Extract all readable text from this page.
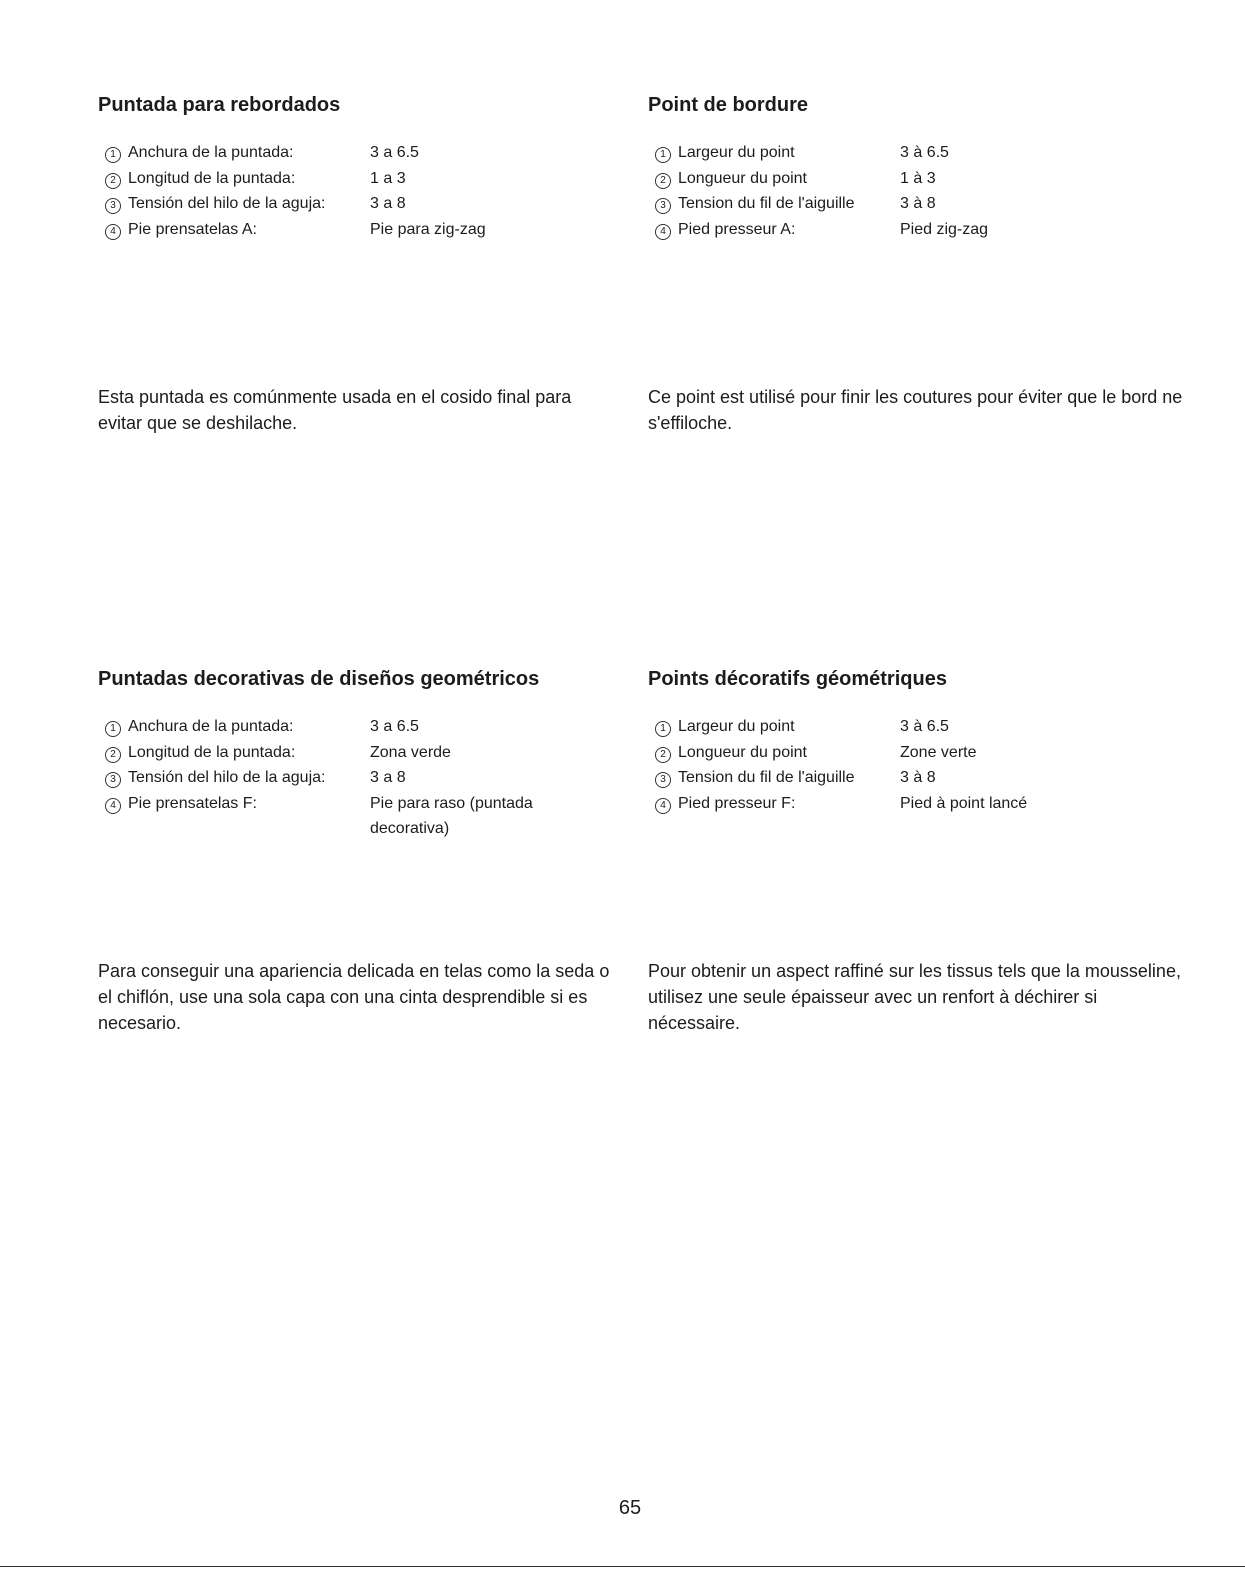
Puntada para rebordados
1 Anchura de la puntada:	3 a 6.5
2 Longitud de la puntada:	1 a 3
3 Tensión del hilo de la aguja:	3 a 8
4 Pie prensatelas A:	Pie para zig-zag
Point de bordure
1 Largeur du point	3 à 6.5
2 Longueur du point	1 à 3
3 Tension du fil de l'aiguille	3 à 8
4 Pied presseur A:	Pied zig-zag

Esta puntada es comúnmente usada en el cosido final para evitar que se deshilache.

Ce point est utilisé pour finir les coutures pour éviter que le bord ne s'effiloche.

Puntadas decorativas de diseños geométricos
1 Anchura de la puntada:	3 a 6.5
2 Longitud de la puntada:	Zona verde
3 Tensión del hilo de la aguja:	3 a 8
4 Pie prensatelas F:	Pie para raso (puntada decorativa)
Points décoratifs géométriques
1 Largeur du point	3 à 6.5
2 Longueur du point	Zone verte
3 Tension du fil de l'aiguille	3 à 8
4 Pied presseur F:	Pied à point lancé

Para conseguir una apariencia delicada en telas como la seda o el chiflón, use una sola capa con una cinta desprendible si es necesario.

Pour obtenir un aspect raffiné sur les tissus tels que la mousseline, utilisez une seule épaisseur avec un renfort à déchirer si nécessaire.

65
